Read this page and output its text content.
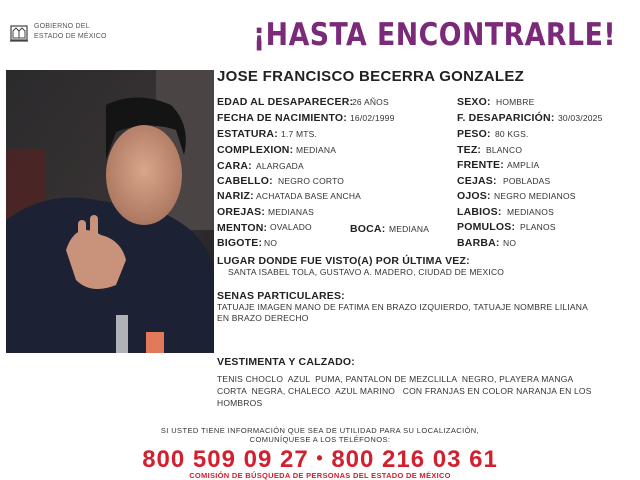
GOBIERNO DEL
ESTADO DE MÉXICO	¡HASTA ENCONTRARLE!
JOSE FRANCISCO BECERRA GONZALEZ
EDAD AL DESAPARECER:
26 AÑOS
FECHA DE NACIMIENTO: 16/02/1999
ESTATURA: 1.7 MTS.
COMPLEXION: MEDIANA
CARA: ALARGADA
CABELLO: NEGRO CORTO
NARIZ: ACHATADA BASE ANCHA
OREJAS: MEDIANAS
MENTON: OVALADO	BOCA: MEDIANA
BIGOTE: NO
SEXO: HOMBRE
F. DESAPARICIÓN: 30/03/2025
PESO: 80 KGS.
TEZ: BLANCO
FRENTE: AMPLIA
CEJAS: POBLADAS
OJOS: NEGRO MEDIANOS
LABIOS: MEDIANOS
POMULOS: PLANOS
BARBA: NO
LUGAR DONDE FUE VISTO(A) POR ÚLTIMA VEZ:
SANTA ISABEL TOLA, GUSTAVO A. MADERO, CIUDAD DE MEXICO
SENAS PARTICULARES:
TATUAJE IMAGEN MANO DE FATIMA EN BRAZO IZQUIERDO, TATUAJE NOMBRE LILIANA
EN BRAZO DERECHO
VESTIMENTA Y CALZADO:
TENIS CHOCLO  AZUL  PUMA, PANTALON DE MEZCLILLA  NEGRO, PLAYERA MANGA
CORTA  NEGRA, CHALECO  AZUL MARINO   CON FRANJAS EN COLOR NARANJA EN LOS
HOMBROS
SI USTED TIENE INFORMACIÓN QUE SEA DE UTILIDAD PARA SU LOCALIZACIÓN,
COMUNÍQUESE A LOS TELÉFONOS:
800 509 09 27 • 800 216 03 61
COMISIÓN DE BÚSQUEDA DE PERSONAS DEL ESTADO DE MÉXICO
